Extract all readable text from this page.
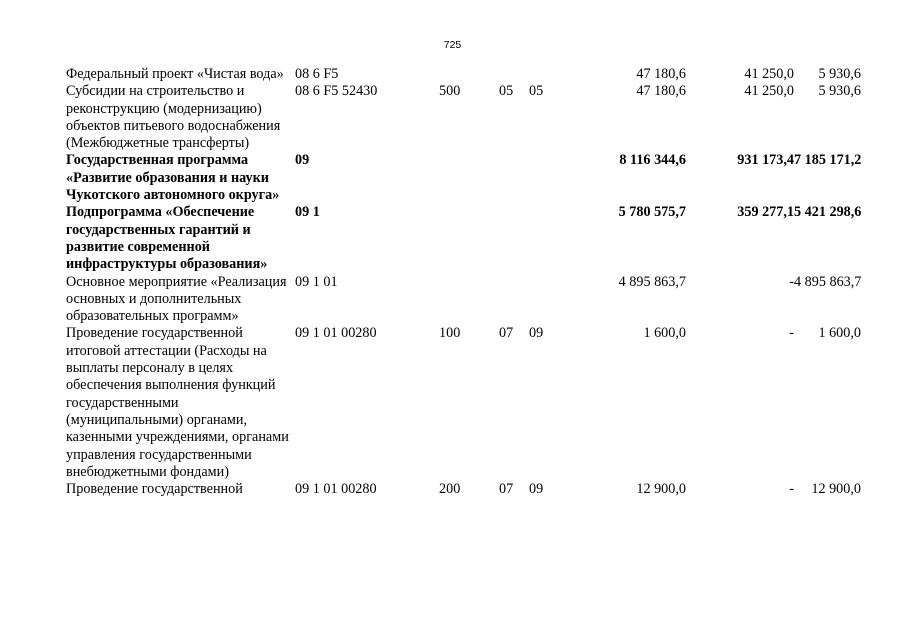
725
Федеральный проект «Чистая вода»	08 6 F5				47 180,6	41 250,0	5 930,6
Субсидии на строительство и реконструкцию (модернизацию) объектов питьевого водоснабжения (Межбюджетные трансферты)	08 6 F5 52430	500	05	05	47 180,6	41 250,0	5 930,6
Государственная программа «Развитие образования и науки Чукотского автономного округа»	09				8 116 344,6	931 173,4	7 185 171,2
Подпрограмма «Обеспечение государственных гарантий и развитие современной инфраструктуры образования»	09 1				5 780 575,7	359 277,1	5 421 298,6
Основное мероприятие «Реализация основных и дополнительных образовательных программ»	09 1 01				4 895 863,7	-	4 895 863,7
Проведение государственной итоговой аттестации (Расходы на выплаты персоналу в целях обеспечения выполнения функций государственными (муниципальными) органами, казенными учреждениями, органами управления государственными внебюджетными фондами)	09 1 01 00280	100	07	09	1 600,0	-	1 600,0
Проведение государственной	09 1 01 00280	200	07	09	12 900,0	-	12 900,0
